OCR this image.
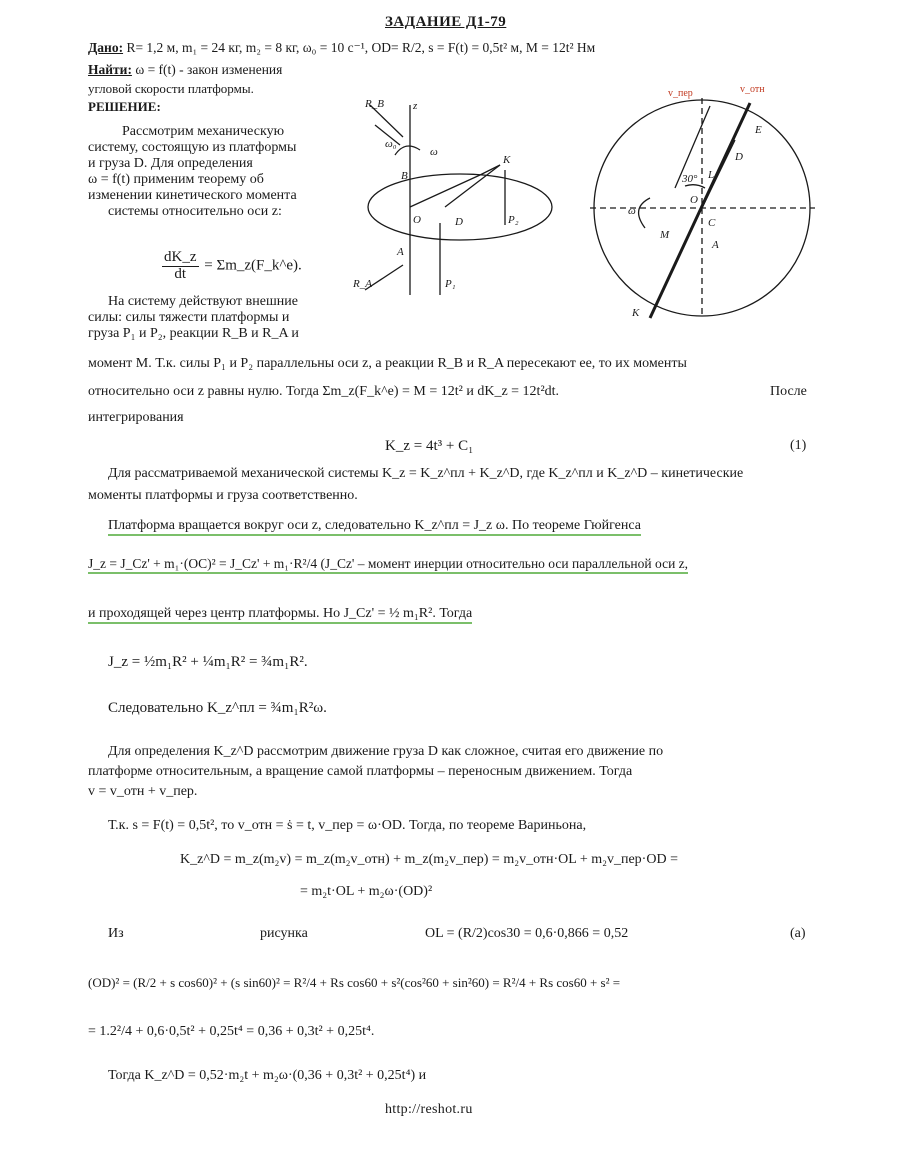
ЗАДАНИЕ Д1-79
Дано: R= 1,2 м, m₁ = 24 кг, m₂ = 8 кг, ω₀ = 10 с⁻¹, OD= R/2, s = F(t) = 0,5t² м, M = 12t² Нм
Найти: ω = f(t) - закон изменения
угловой скорости платформы.
РЕШЕНИЕ:
Рассмотрим механическую
систему, состоящую из платформы
и груза D. Для определения
ω = f(t) применим теорему об
изменении кинетического момента
системы относительно оси z:
$\frac{dK\_z}{dt}$ = Σm_z(F_k^e).
На систему действуют внешние
силы: силы тяжести платформы и
груза P₁ и P₂, реакции R_B и R_A и
R_B	z
ω₀
B
K
ω
P₂
O	D
A
P₁
R_A
v_пер	v_отн
E
D
L
30°
ω
O
M
C
K
A
момент M. Т.к. силы P₁ и P₂ параллельны оси z, а реакции R_B и R_A пересекают ее, то их моменты
относительно оси z равны нулю. Тогда Σm_z(F_k^e) = M = 12t² и dK_z = 12t²dt.	После
интегрирования
K_z = 4t³ + C₁	(1)
Для рассматриваемой механической системы K_z = K_z^пл + K_z^D, где K_z^пл и K_z^D – кинетические
моменты платформы и груза соответственно.
Платформа вращается вокруг оси z, следовательно K_z^пл = J_z ω. По теореме Гюйгенса
J_z = J_Cz' + m₁·(OC)² = J_Cz' + m₁·R²/4 (J_Cz' – момент инерции относительно оси параллельной оси z,
и проходящей через центр платформы. Но J_Cz' = ½ m₁R². Тогда
J_z = ½m₁R² + ¼m₁R² = ¾m₁R².
Следовательно K_z^пл = ¾m₁R²ω.
Для определения K_z^D рассмотрим движение груза D как сложное, считая его движение по
платформе относительным, а вращение самой платформы – переносным движением. Тогда
v = v_отн + v_пер.
Т.к. s = F(t) = 0,5t², то v_отн = ṡ = t, v_пер = ω·OD. Тогда, по теореме Вариньона,
K_z^D = m_z(m₂v) = m_z(m₂v_отн) + m_z(m₂v_пер) = m₂v_отн·OL + m₂v_пер·OD =
= m₂t·OL + m₂ω·(OD)²
Из	рисунка	OL = (R/2)cos30 = 0,6·0,866 = 0,52	(a)
(OD)² = (R/2 + s cos60)² + (s sin60)² = R²/4 + Rs cos60 + s²(cos²60 + sin²60) = R²/4 + Rs cos60 + s² =
= 1.2²/4 + 0,6·0,5t² + 0,25t⁴ = 0,36 + 0,3t² + 0,25t⁴.
Тогда K_z^D = 0,52·m₂t + m₂ω·(0,36 + 0,3t² + 0,25t⁴) и
http://reshot.ru
